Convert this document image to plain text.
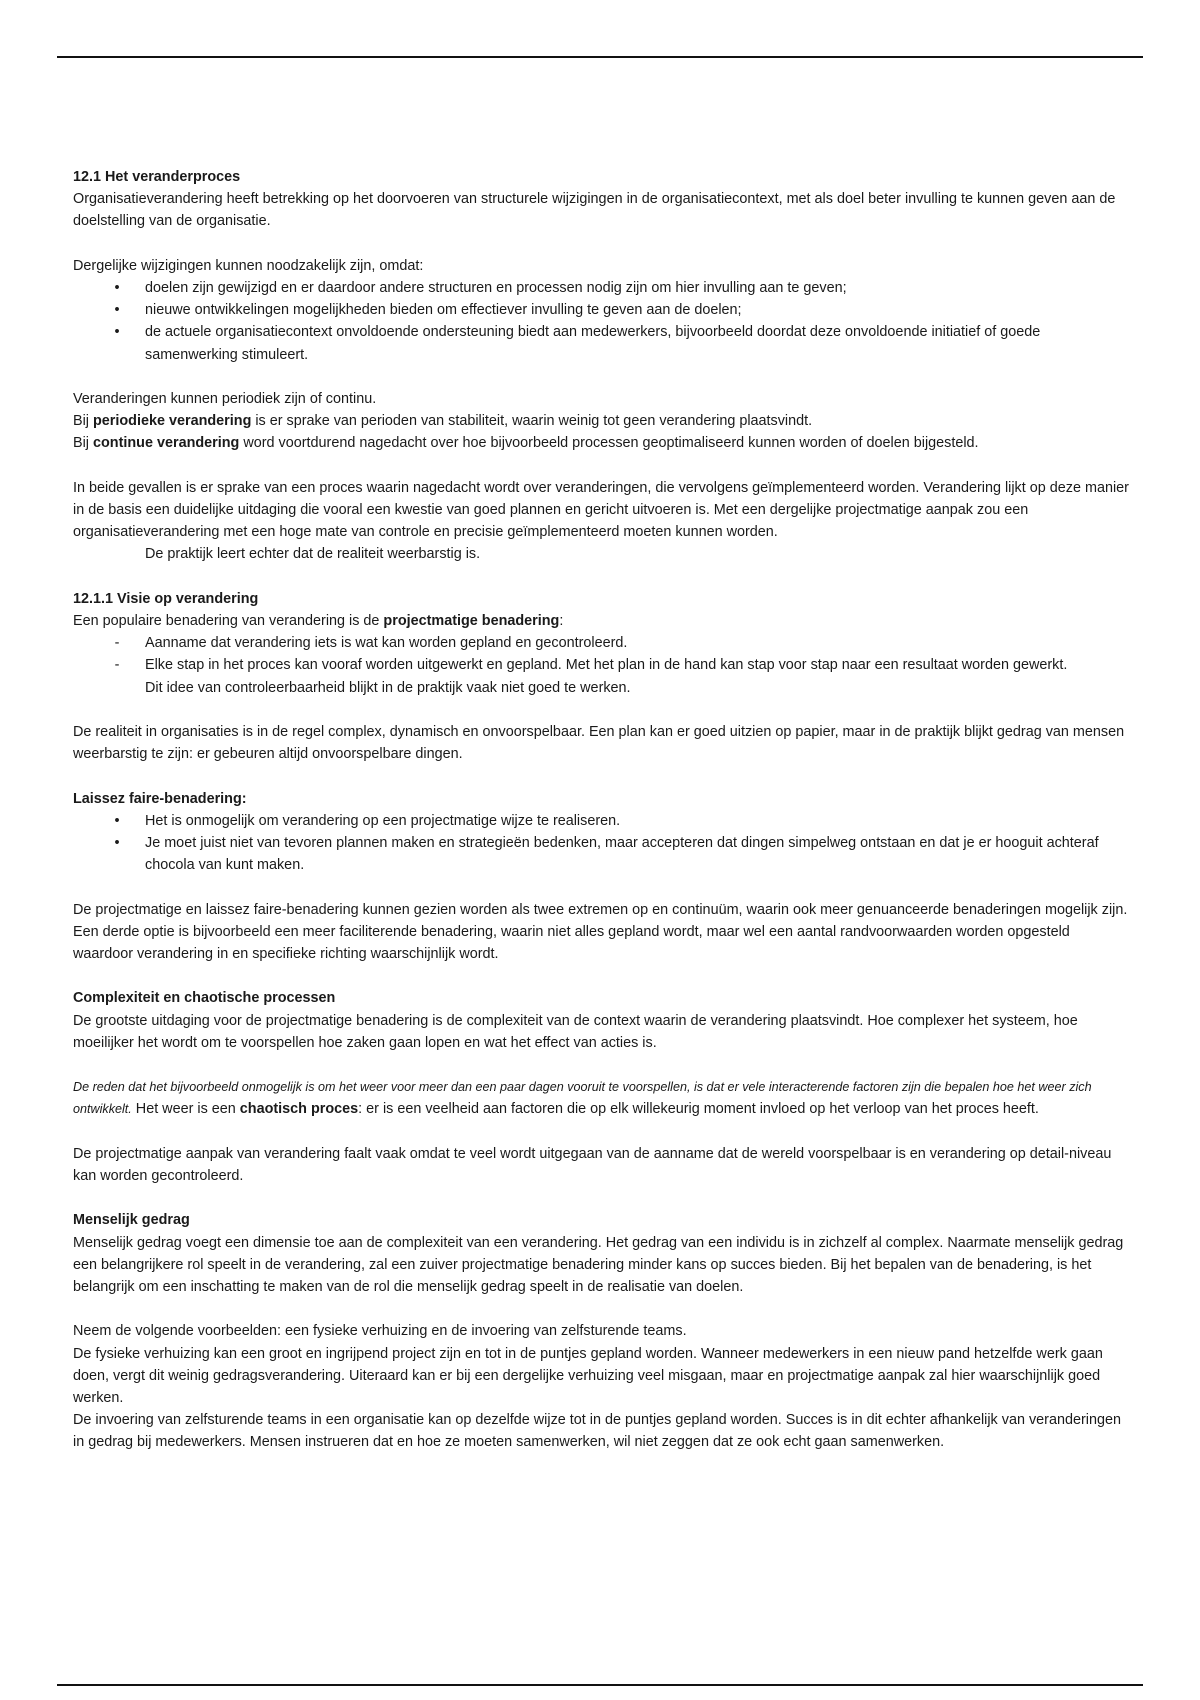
12.1 Het veranderproces

Organisatieverandering heeft betrekking op het doorvoeren van structurele wijzigingen in de organisatiecontext, met als doel beter invulling te kunnen geven aan de doelstelling van de organisatie.

Dergelijke wijzigingen kunnen noodzakelijk zijn, omdat:

•	doelen zijn gewijzigd en er daardoor andere structuren en processen nodig zijn om hier invulling aan te geven;
•	nieuwe ontwikkelingen mogelijkheden bieden om effectiever invulling te geven aan de doelen;
•	de actuele organisatiecontext onvoldoende ondersteuning biedt aan medewerkers, bijvoorbeeld doordat deze onvoldoende initiatief of goede samenwerking stimuleert.

Veranderingen kunnen periodiek zijn of continu.

Bij periodieke verandering is er sprake van perioden van stabiliteit, waarin weinig tot geen verandering plaatsvindt.

Bij continue verandering word voortdurend nagedacht over hoe bijvoorbeeld processen geoptimaliseerd kunnen worden of doelen bijgesteld.

In beide gevallen is er sprake van een proces waarin nagedacht wordt over veranderingen, die vervolgens geïmplementeerd worden. Verandering lijkt op deze manier in de basis een duidelijke uitdaging die vooral een kwestie van goed plannen en gericht uitvoeren is. Met een dergelijke projectmatige aanpak zou een organisatieverandering met een hoge mate van controle en precisie geïmplementeerd moeten kunnen worden.

De praktijk leert echter dat de realiteit weerbarstig is.

12.1.1 Visie op verandering

Een populaire benadering van verandering is de projectmatige benadering:

-	Aanname dat verandering iets is wat kan worden gepland en gecontroleerd.
-	Elke stap in het proces kan vooraf worden uitgewerkt en gepland. Met het plan in de hand kan stap voor stap naar een resultaat worden gewerkt.

Dit idee van controleerbaarheid blijkt in de praktijk vaak niet goed te werken.

De realiteit in organisaties is in de regel complex, dynamisch en onvoorspelbaar. Een plan kan er goed uitzien op papier, maar in de praktijk blijkt gedrag van mensen weerbarstig te zijn: er gebeuren altijd onvoorspelbare dingen.

Laissez faire-benadering:

•	Het is onmogelijk om verandering op een projectmatige wijze te realiseren.
•	Je moet juist niet van tevoren plannen maken en strategieën bedenken, maar accepteren dat dingen simpelweg ontstaan en dat je er hooguit achteraf chocola van kunt maken.

De projectmatige en laissez faire-benadering kunnen gezien worden als twee extremen op en continuüm, waarin ook meer genuanceerde benaderingen mogelijk zijn.

Een derde optie is bijvoorbeeld een meer faciliterende benadering, waarin niet alles gepland wordt, maar wel een aantal randvoorwaarden worden opgesteld waardoor verandering in en specifieke richting waarschijnlijk wordt.

Complexiteit en chaotische processen

De grootste uitdaging voor de projectmatige benadering is de complexiteit van de context waarin de verandering plaatsvindt. Hoe complexer het systeem, hoe moeilijker het wordt om te voorspellen hoe zaken gaan lopen en wat het effect van acties is.

De reden dat het bijvoorbeeld onmogelijk is om het weer voor meer dan een paar dagen vooruit te voorspellen, is dat er vele interacterende factoren zijn die bepalen hoe het weer zich ontwikkelt. Het weer is een chaotisch proces: er is een veelheid aan factoren die op elk willekeurig moment invloed op het verloop van het proces heeft.

De projectmatige aanpak van verandering faalt vaak omdat te veel wordt uitgegaan van de aanname dat de wereld voorspelbaar is en verandering op detail-niveau kan worden gecontroleerd.

Menselijk gedrag

Menselijk gedrag voegt een dimensie toe aan de complexiteit van een verandering. Het gedrag van een individu is in zichzelf al complex. Naarmate menselijk gedrag een belangrijkere rol speelt in de verandering, zal een zuiver projectmatige benadering minder kans op succes bieden. Bij het bepalen van de benadering, is het belangrijk om een inschatting te maken van de rol die menselijk gedrag speelt in de realisatie van doelen.

Neem de volgende voorbeelden: een fysieke verhuizing en de invoering van zelfsturende teams.

De fysieke verhuizing kan een groot en ingrijpend project zijn en tot in de puntjes gepland worden. Wanneer medewerkers in een nieuw pand hetzelfde werk gaan doen, vergt dit weinig gedragsverandering. Uiteraard kan er bij een dergelijke verhuizing veel misgaan, maar en projectmatige aanpak zal hier waarschijnlijk goed werken.

De invoering van zelfsturende teams in een organisatie kan op dezelfde wijze tot in de puntjes gepland worden. Succes is in dit echter afhankelijk van veranderingen in gedrag bij medewerkers. Mensen instrueren dat en hoe ze moeten samenwerken, wil niet zeggen dat ze ook echt gaan samenwerken.
